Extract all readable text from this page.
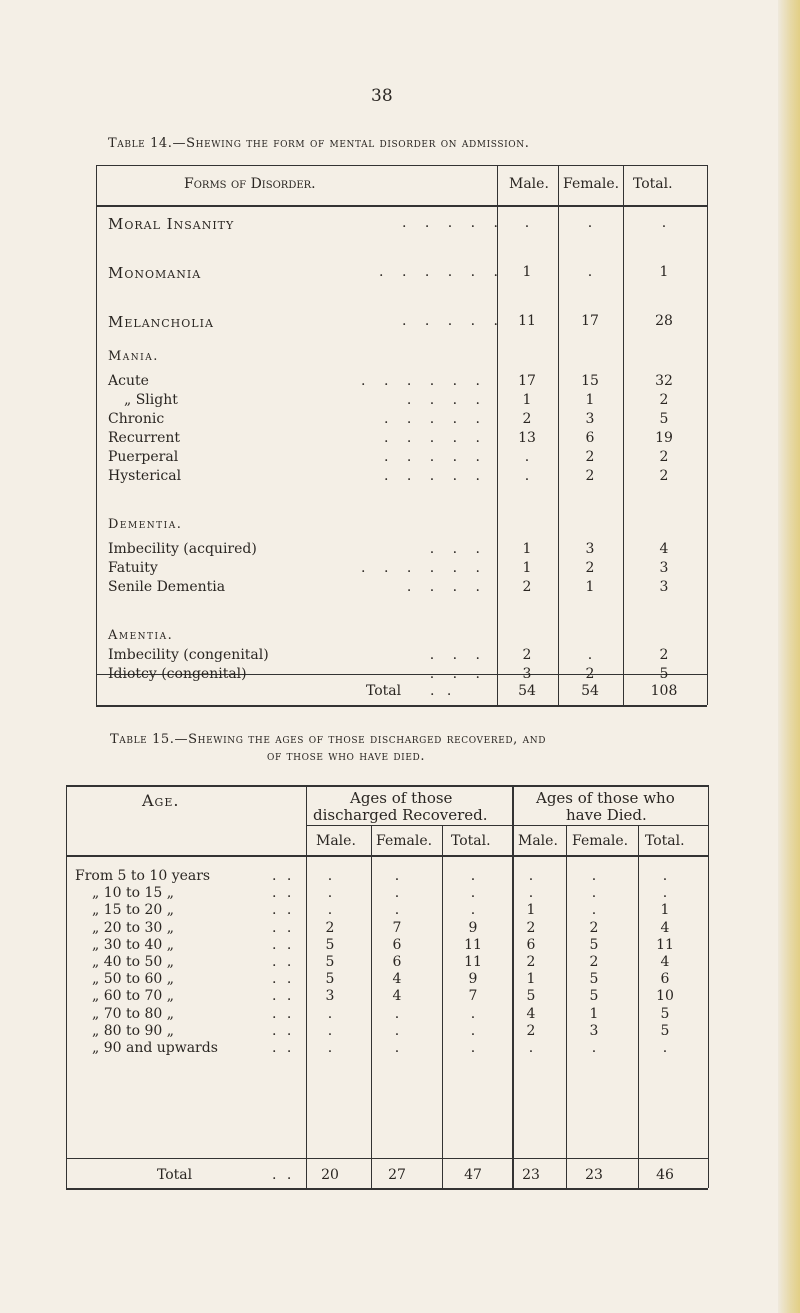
38
Table 14.—Shewing the form of mental disorder on admission.
Forms of Disorder.	Male. Female. Total.
Moral Insanity	. . . . .	.	.	.
Monomania	. . . . . .	1	.	1
Melancholia	. . . . .	11	17	28
Mania.
Acute	. . . . . .	17	15	32
„ Slight	. . . .	1	1	2
Chronic	. . . . .	2	3	5
Recurrent	. . . . .	13	6	19
Puerperal	. . . . .	.	2	2
Hysterical	. . . . .	.	2	2
Dementia.
Imbecility (acquired)	. . .	1	3	4
Fatuity	. . . . . .	1	2	3
Senile Dementia	. . . .	2	1	3
Amentia.
Imbecility (congenital)	. . .	2	.	2
Idiotcy (congenital)	. . .	3	2	5
Total . .	54	54	108
Table 15.—Shewing the ages of those discharged recovered, and
of those who have died.
Age.	Ages of those
discharged Recovered.
Ages of those who
have Died.
Male. Female. Total. Male. Female. Total.
From 5 to 10 years	. .	.	.	.	.	.	.
„ 10 to 15 „	. .	.	.	.	.	.	.
„ 15 to 20 „	. .	.	.	.	1	.	1
„ 20 to 30 „	. .	2	7	9	2	2	4
„ 30 to 40 „	. .	5	6	11	6	5	11
„ 40 to 50 „	. .	5	6	11	2	2	4
„ 50 to 60 „	. .	5	4	9	1	5	6
„ 60 to 70 „	. .	3	4	7	5	5	10
„ 70 to 80 „	. .	.	.	.	4	1	5
„ 80 to 90 „	. .	.	.	.	2	3	5
„ 90 and upwards	. .	.	.	.	.	.	.
Total	. .	20	27	47	23	23	46
